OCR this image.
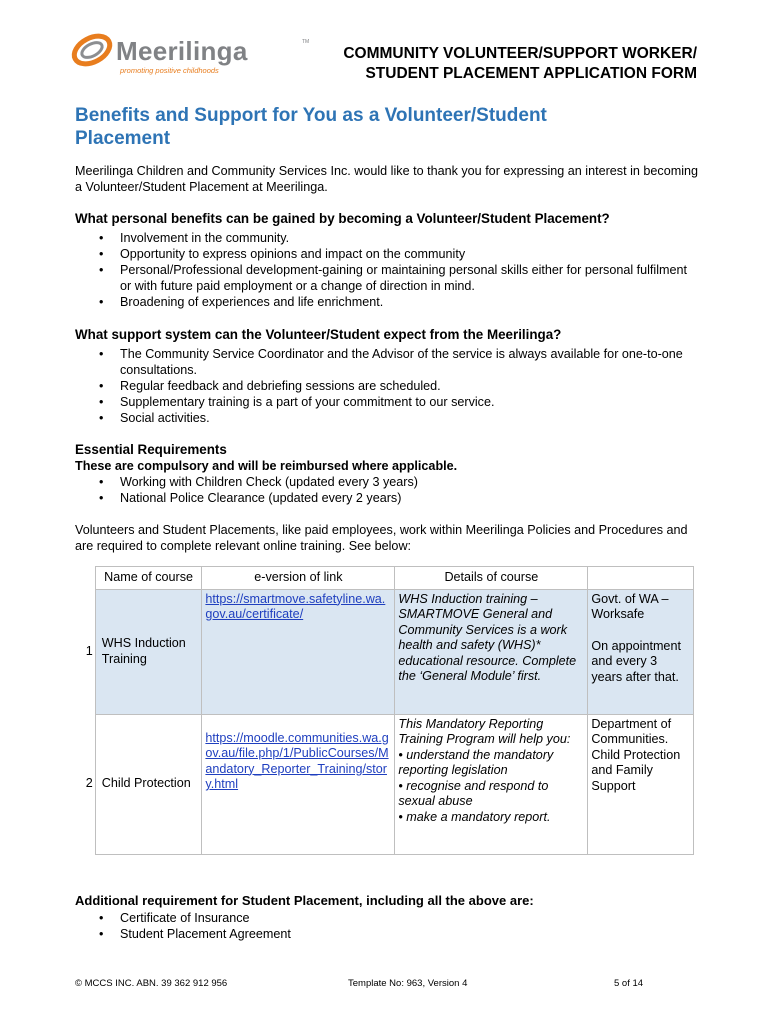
Meerilinga	TM
promoting positive childhoods
COMMUNITY VOLUNTEER/SUPPORT WORKER/
STUDENT PLACEMENT APPLICATION FORM
Benefits and Support for You as a Volunteer/Student
Placement

Meerilinga Children and Community Services Inc. would like to thank you for expressing an interest in becoming a Volunteer/Student Placement at Meerilinga.

What personal benefits can be gained by becoming a Volunteer/Student Placement?

• Involvement in the community.
• Opportunity to express opinions and impact on the community
• Personal/Professional development-gaining or maintaining personal skills either for personal fulfilment or with future paid employment or a change of direction in mind.
• Broadening of experiences and life enrichment.

What support system can the Volunteer/Student expect from the Meerilinga?

• The Community Service Coordinator and the Advisor of the service is always available for one-to-one consultations.
• Regular feedback and debriefing sessions are scheduled.
• Supplementary training is a part of your commitment to our service.
• Social activities.

Essential Requirements

These are compulsory and will be reimbursed where applicable.

• Working with Children Check (updated every 3 years)
• National Police Clearance (updated every 2 years)

Volunteers and Student Placements, like paid employees, work within Meerilinga Policies and Procedures and are required to complete relevant online training. See below:

	Name of course	e-version of link	Details of course	
1	WHS Induction Training	https://smartmove.safetyline.wa.gov.au/certificate/	WHS Induction training – SMARTMOVE General and Community Services is a work health and safety (WHS)* educational resource. Complete the ‘General Module’ first.	Govt. of WA – Worksafe
On appointment and every 3 years after that.

2	Child Protection	https://moodle.communities.wa.gov.au/file.php/1/PublicCourses/Mandatory_Reporter_Training/story.html	This Mandatory Reporting Training Program will help you:
• understand the mandatory reporting legislation
• recognise and respond to sexual abuse
• make a mandatory report.	Department of Communities. Child Protection and Family Support

Additional requirement for Student Placement, including all the above are:

• Certificate of Insurance
• Student Placement Agreement
© MCCS INC. ABN. 39 362 912 956	Template No: 963, Version 4	5 of 14
